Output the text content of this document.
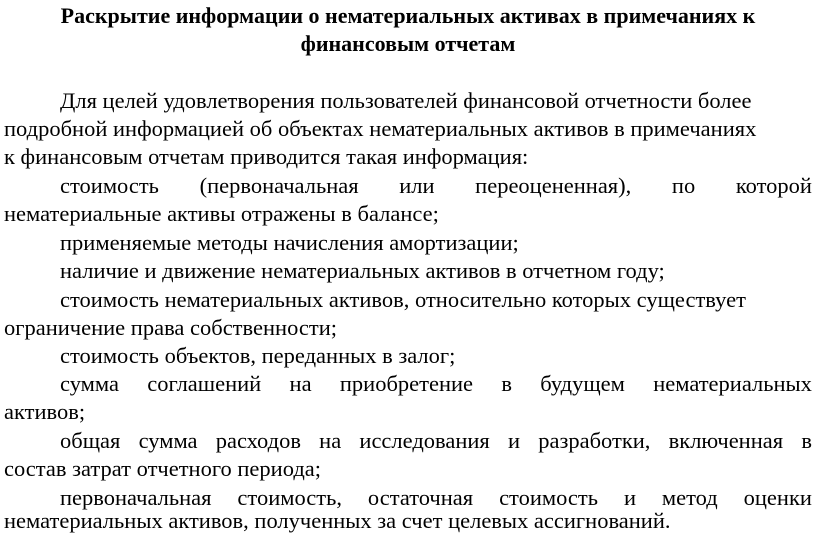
Раскрытие информации о нематериальных активах в примечаниях к
финансовым отчетам
Для целей удовлетворения пользователей финансовой отчетности более
подробной информацией об объектах нематериальных активов в примечаниях
к финансовым отчетам приводится такая информация:
стоимость (первоначальная или переоцененная), по которой
нематериальные активы отражены в балансе;
применяемые методы начисления амортизации;
наличие и движение нематериальных активов в отчетном году;
стоимость нематериальных активов, относительно которых существует
ограничение права собственности;
стоимость объектов, переданных в залог;
сумма соглашений на приобретение в будущем нематериальных
активов;
общая сумма расходов на исследования и разработки, включенная в
состав затрат отчетного периода;
первоначальная стоимость, остаточная стоимость и метод оценки
нематериальных активов, полученных за счет целевых ассигнований.
